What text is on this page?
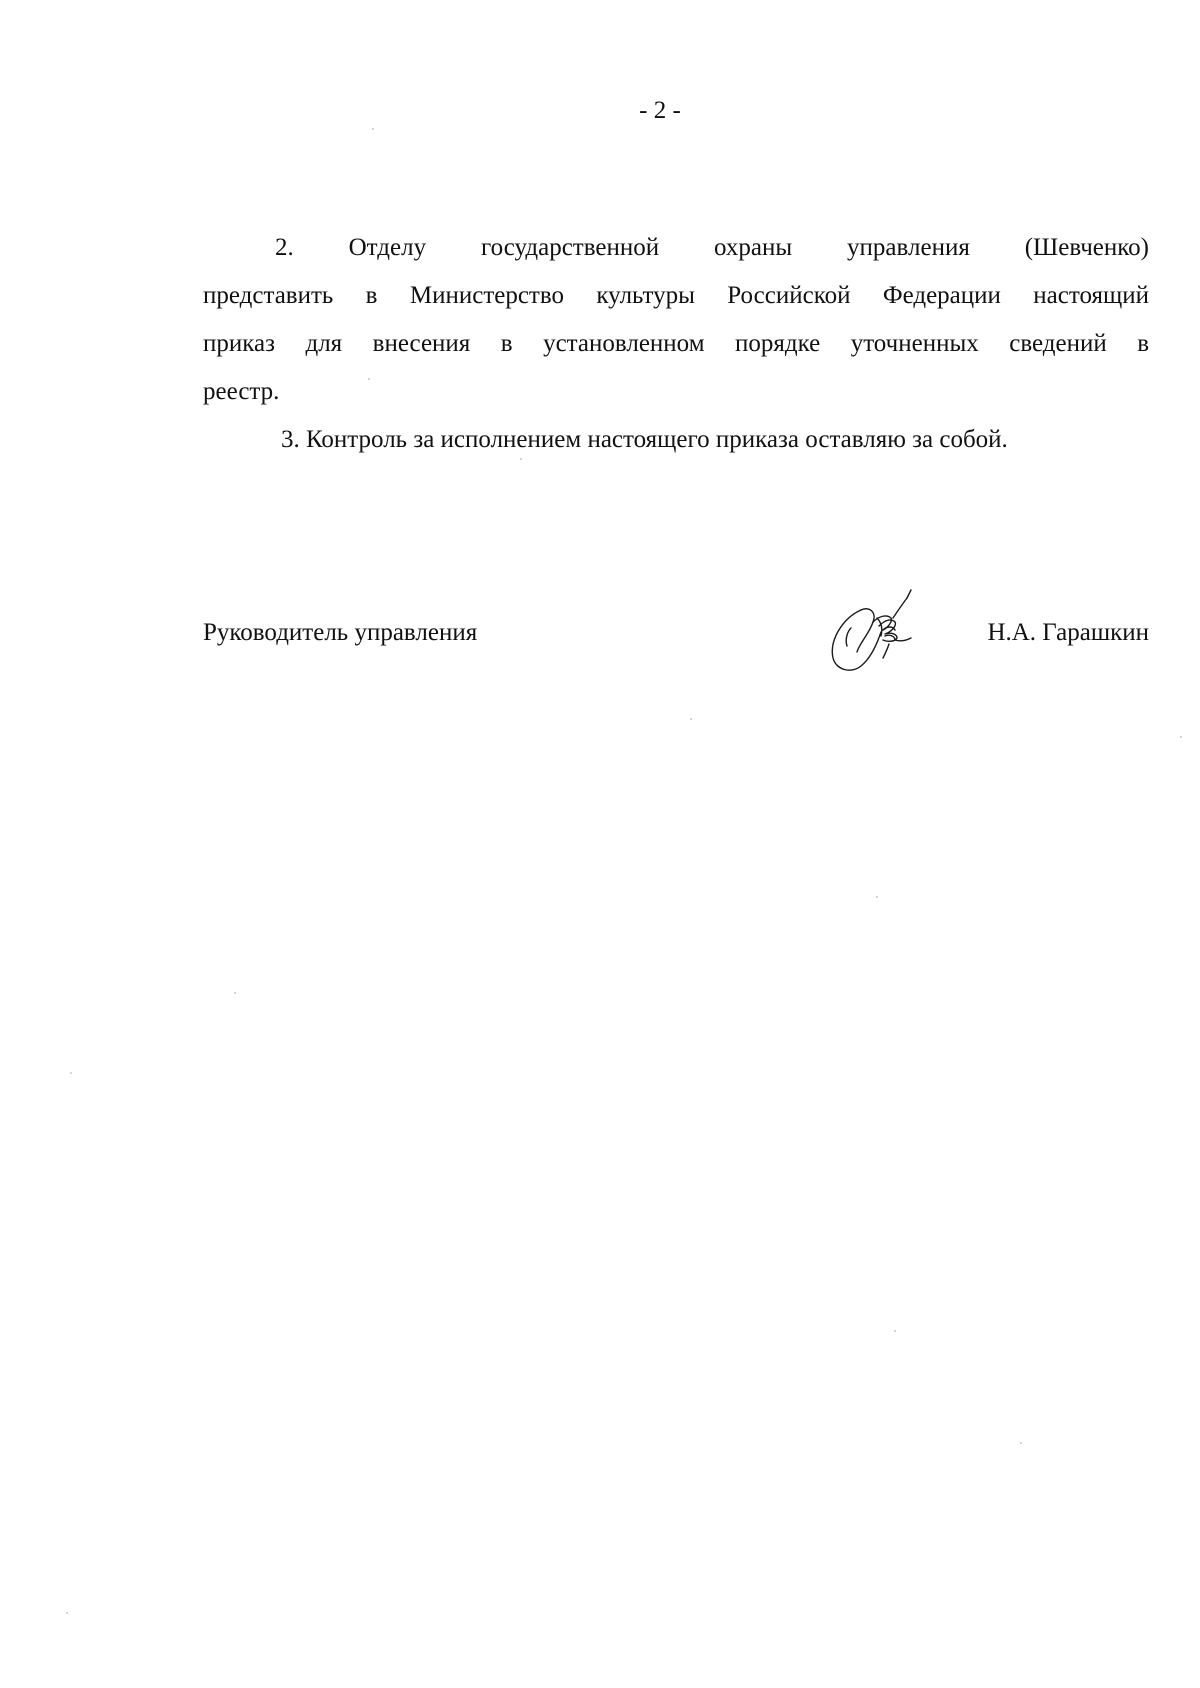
- 2 -
2. Отделу государственной охраны управления (Шевченко)
представить в Министерство культуры Российской Федерации настоящий
приказ для внесения в установленном порядке уточненных сведений в
реестр.
3. Контроль за исполнением настоящего приказа оставляю за собой.
Руководитель управления	Н.А. Гарашкин
